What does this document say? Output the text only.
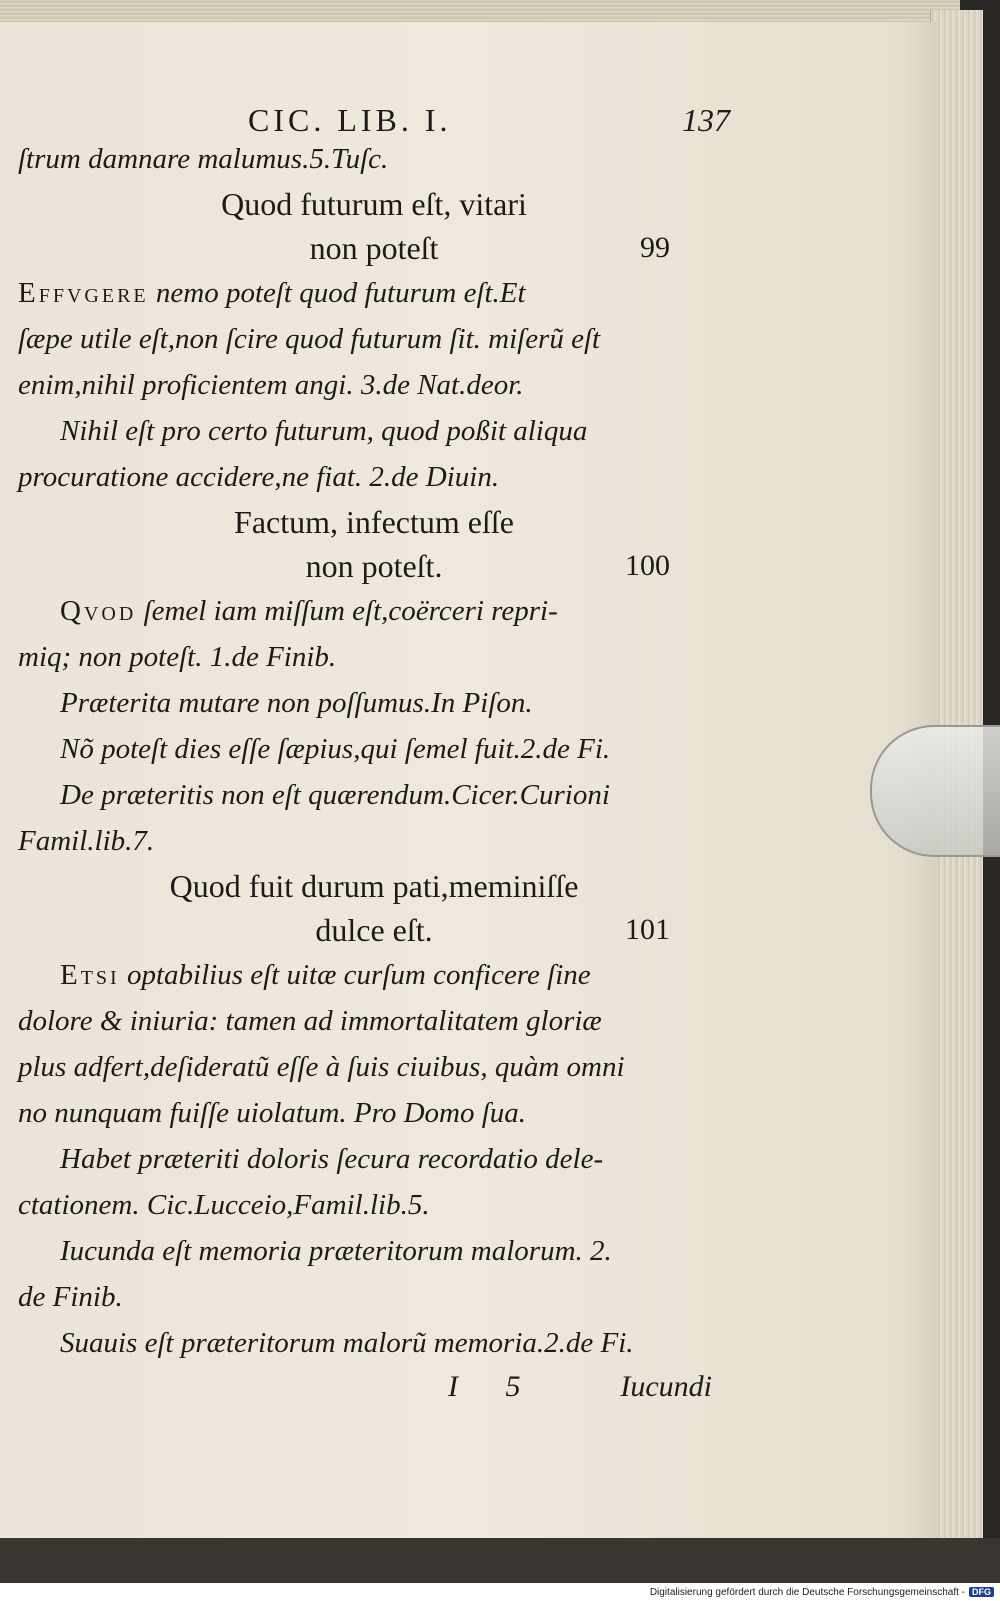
CIC. LIB. I.	137
ſtrum damnare malumus.5.Tuſc.
Quod futurum eſt, vitari
non poteſt	99
Effvgere nemo poteſt quod futurum eſt.Et
ſæpe utile eſt,non ſcire quod futurum ſit. miſerũ eſt
enim,nihil proficientem angi. 3.de Nat.deor.
Nihil eſt pro certo futurum, quod poßit aliqua
procuratione accidere,ne fiat. 2.de Diuin.
Factum, infectum eſſe
non poteſt.	100
Qvod ſemel iam miſſum eſt,coërceri repri-
miq; non poteſt. 1.de Finib.
Præterita mutare non poſſumus.In Piſon.
Nõ poteſt dies eſſe ſæpius,qui ſemel fuit.2.de Fi.
De præteritis non eſt quærendum.Cicer.Curioni
Famil.lib.7.
Quod fuit durum pati,meminiſſe
dulce eſt.	101
Etsi optabilius eſt uitæ curſum conficere ſine
dolore & iniuria: tamen ad immortalitatem gloriæ
plus adfert,deſideratũ eſſe à ſuis ciuibus, quàm omni
no nunquam fuiſſe uiolatum. Pro Domo ſua.
Habet præteriti doloris ſecura recordatio dele-
ctationem. Cic.Lucceio,Famil.lib.5.
Iucunda eſt memoria præteritorum malorum. 2.
de Finib.
Suauis eſt præteritorum malorũ memoria.2.de Fi.
I 5	Iucundi
Digitalisierung gefördert durch die Deutsche Forschungsgemeinschaft - DFG
